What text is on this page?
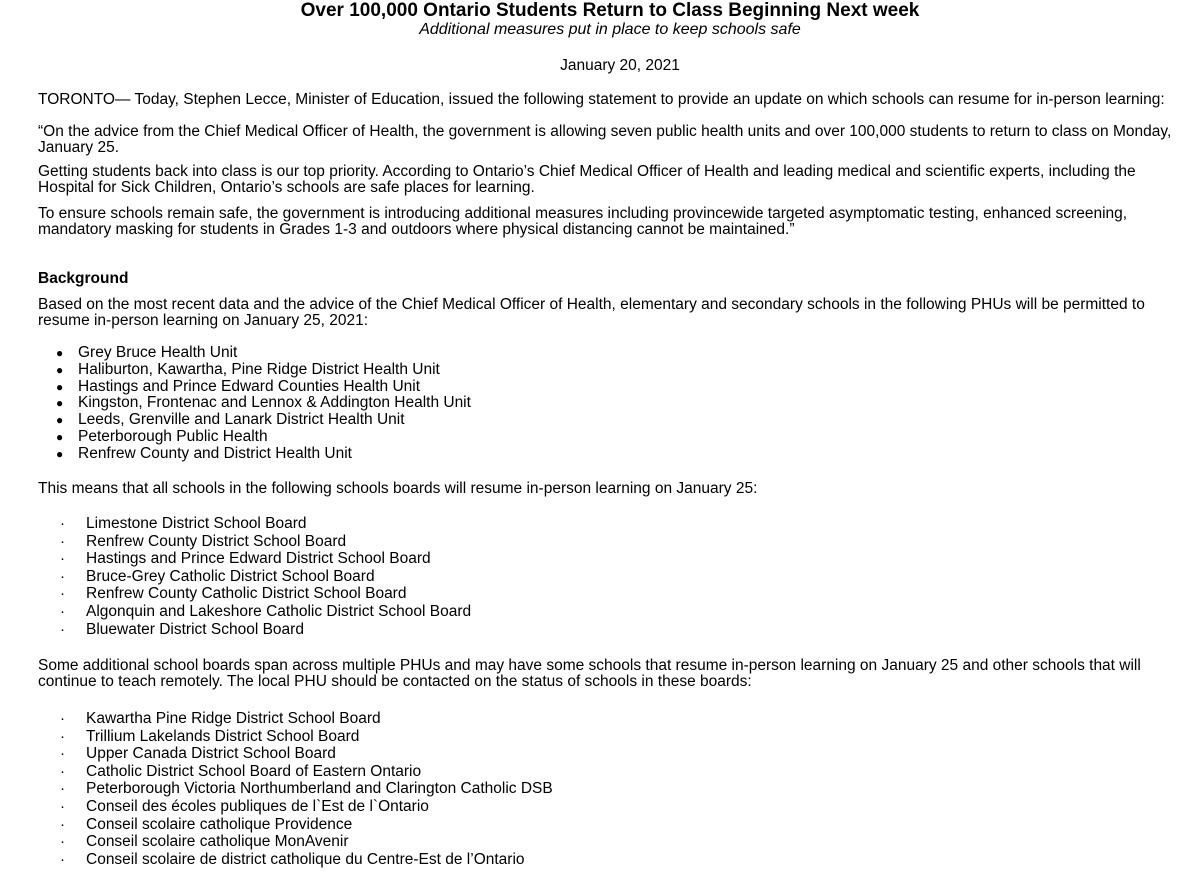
Over 100,000 Ontario Students Return to Class Beginning Next week
Additional measures put in place to keep schools safe
January 20, 2021

TORONTO— Today, Stephen Lecce, Minister of Education, issued the following statement to provide an update on which schools can resume for in-person learning:

“On the advice from the Chief Medical Officer of Health, the government is allowing seven public health units and over 100,000 students to return to class on Monday, January 25.

Getting students back into class is our top priority. According to Ontario’s Chief Medical Officer of Health and leading medical and scientific experts, including the Hospital for Sick Children, Ontario’s schools are safe places for learning.

To ensure schools remain safe, the government is introducing additional measures including provincewide targeted asymptomatic testing, enhanced screening, mandatory masking for students in Grades 1-3 and outdoors where physical distancing cannot be maintained.”

Background

Based on the most recent data and the advice of the Chief Medical Officer of Health, elementary and secondary schools in the following PHUs will be permitted to resume in-person learning on January 25, 2021:

● Grey Bruce Health Unit
● Haliburton, Kawartha, Pine Ridge District Health Unit
● Hastings and Prince Edward Counties Health Unit
● Kingston, Frontenac and Lennox & Addington Health Unit
● Leeds, Grenville and Lanark District Health Unit
● Peterborough Public Health
● Renfrew County and District Health Unit

This means that all schools in the following schools boards will resume in-person learning on January 25:

· Limestone District School Board
· Renfrew County District School Board
· Hastings and Prince Edward District School Board
· Bruce-Grey Catholic District School Board
· Renfrew County Catholic District School Board
· Algonquin and Lakeshore Catholic District School Board
· Bluewater District School Board

Some additional school boards span across multiple PHUs and may have some schools that resume in-person learning on January 25 and other schools that will continue to teach remotely. The local PHU should be contacted on the status of schools in these boards:

· Kawartha Pine Ridge District School Board
· Trillium Lakelands District School Board
· Upper Canada District School Board
· Catholic District School Board of Eastern Ontario
· Peterborough Victoria Northumberland and Clarington Catholic DSB
· Conseil des écoles publiques de l`Est de l`Ontario
· Conseil scolaire catholique Providence
· Conseil scolaire catholique MonAvenir
· Conseil scolaire de district catholique du Centre-Est de l’Ontario
